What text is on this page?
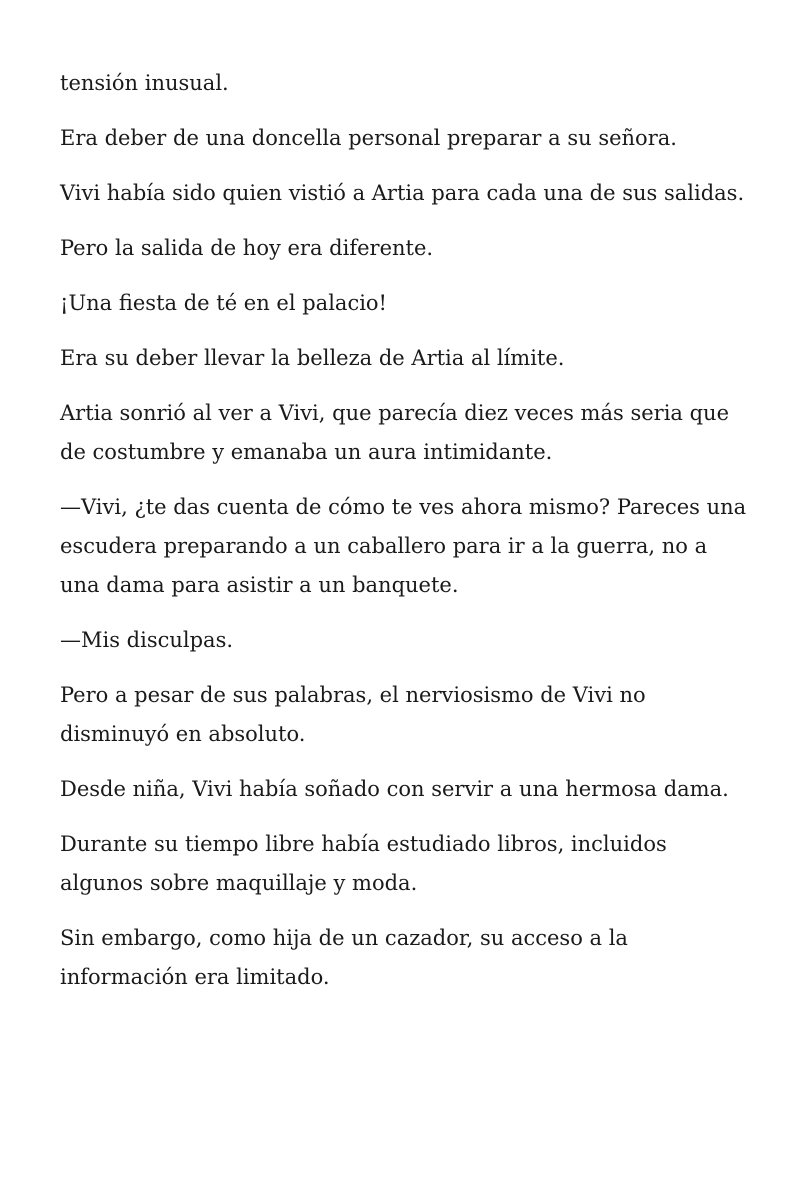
tensión inusual.

Era deber de una doncella personal preparar a su señora.

Vivi había sido quien vistió a Artia para cada una de sus salidas.

Pero la salida de hoy era diferente.

¡Una fiesta de té en el palacio!

Era su deber llevar la belleza de Artia al límite.

Artia sonrió al ver a Vivi, que parecía diez veces más seria que de costumbre y emanaba un aura intimidante.

—Vivi, ¿te das cuenta de cómo te ves ahora mismo? Pareces una escudera preparando a un caballero para ir a la guerra, no a una dama para asistir a un banquete.

—Mis disculpas.

Pero a pesar de sus palabras, el nerviosismo de Vivi no disminuyó en absoluto.

Desde niña, Vivi había soñado con servir a una hermosa dama.

Durante su tiempo libre había estudiado libros, incluidos algunos sobre maquillaje y moda.

Sin embargo, como hija de un cazador, su acceso a la información era limitado.
